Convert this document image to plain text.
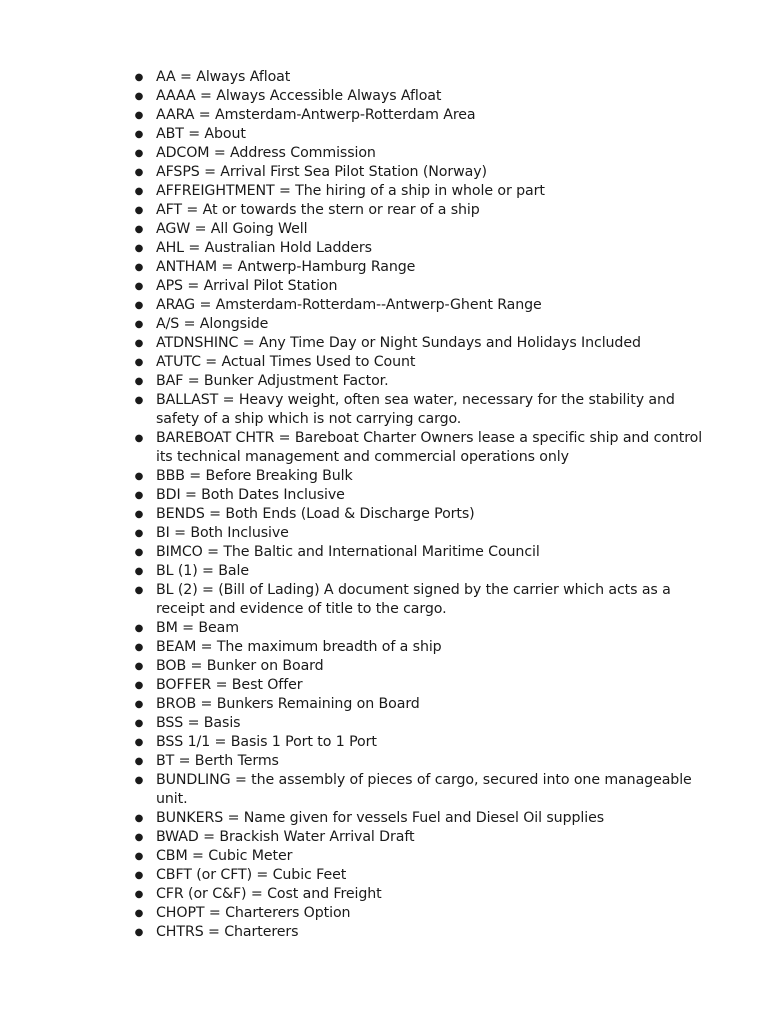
● AA = Always Afloat
● AAAA = Always Accessible Always Afloat
● AARA = Amsterdam-Antwerp-Rotterdam Area
● ABT = About
● ADCOM = Address Commission
● AFSPS = Arrival First Sea Pilot Station (Norway)
● AFFREIGHTMENT = The hiring of a ship in whole or part
● AFT = At or towards the stern or rear of a ship
● AGW = All Going Well
● AHL = Australian Hold Ladders
● ANTHAM = Antwerp-Hamburg Range
● APS = Arrival Pilot Station
● ARAG = Amsterdam-Rotterdam--Antwerp-Ghent Range
● A/S = Alongside
● ATDNSHINC = Any Time Day or Night Sundays and Holidays Included
● ATUTC = Actual Times Used to Count
● BAF = Bunker Adjustment Factor.
● BALLAST = Heavy weight, often sea water, necessary for the stability and safety of a ship which is not carrying cargo.
● BAREBOAT CHTR = Bareboat Charter Owners lease a specific ship and control its technical management and commercial operations only
● BBB = Before Breaking Bulk
● BDI = Both Dates Inclusive
● BENDS = Both Ends (Load & Discharge Ports)
● BI = Both Inclusive
● BIMCO = The Baltic and International Maritime Council
● BL (1) = Bale
● BL (2) = (Bill of Lading) A document signed by the carrier which acts as a receipt and evidence of title to the cargo.
● BM = Beam
● BEAM = The maximum breadth of a ship
● BOB = Bunker on Board
● BOFFER = Best Offer
● BROB = Bunkers Remaining on Board
● BSS = Basis
● BSS 1/1 = Basis 1 Port to 1 Port
● BT = Berth Terms
● BUNDLING = the assembly of pieces of cargo, secured into one manageable unit.
● BUNKERS = Name given for vessels Fuel and Diesel Oil supplies
● BWAD = Brackish Water Arrival Draft
● CBM = Cubic Meter
● CBFT (or CFT) = Cubic Feet
● CFR (or C&F) = Cost and Freight
● CHOPT = Charterers Option
● CHTRS = Charterers
